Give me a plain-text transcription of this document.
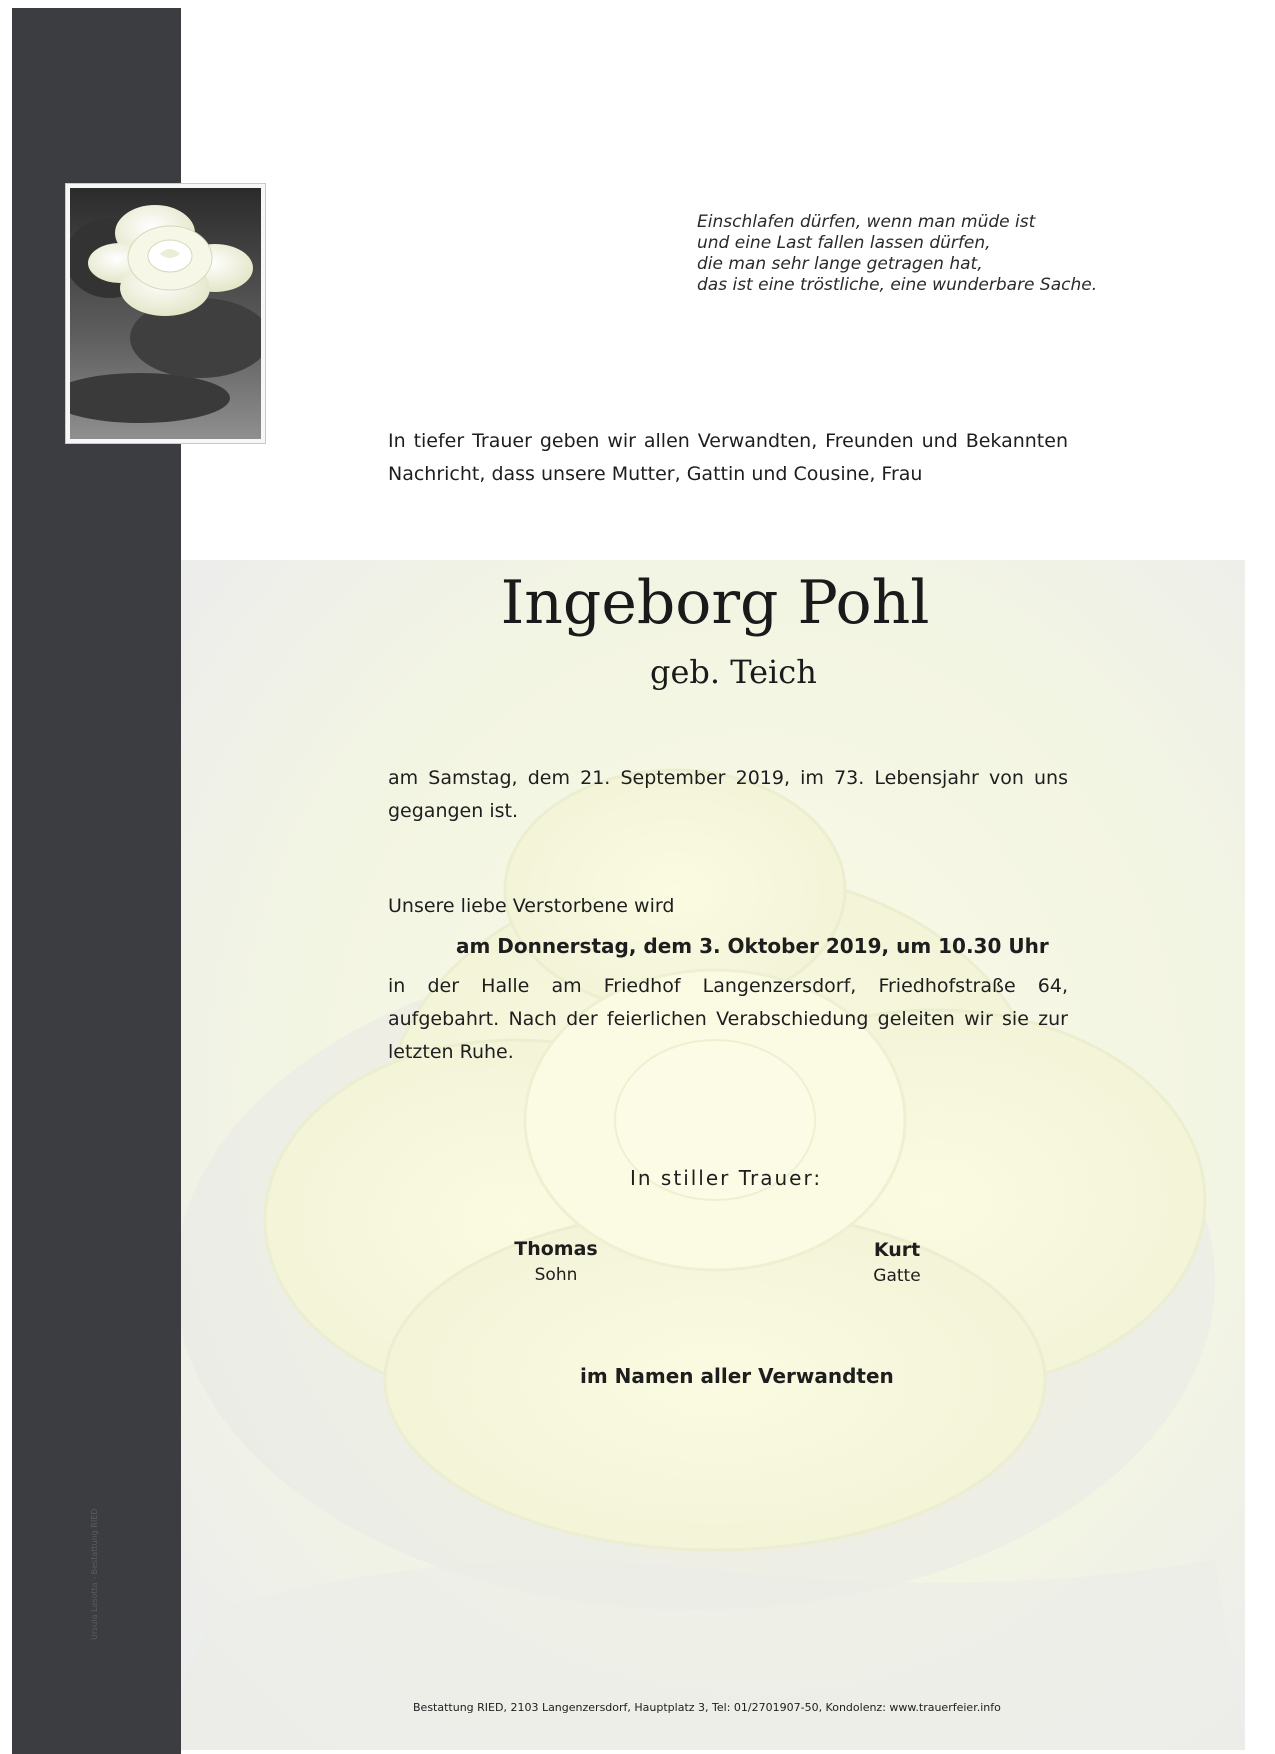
Ursula Lasotta - Bestattung RIED
Einschlafen dürfen, wenn man müde ist
und eine Last fallen lassen dürfen,
die man sehr lange getragen hat,
das ist eine tröstliche, eine wunderbare Sache.
In tiefer Trauer geben wir allen Verwandten, Freunden und Bekannten Nachricht, dass unsere Mutter, Gattin und Cousine, Frau
Ingeborg Pohl
geb. Teich
am Samstag, dem 21. September 2019, im 73. Lebensjahr von uns gegangen ist.
Unsere liebe Verstorbene wird
am Donnerstag, dem 3. Oktober 2019, um 10.30 Uhr
in der Halle am Friedhof Langenzersdorf, Friedhofstraße 64, aufgebahrt. Nach der feierlichen Verabschiedung geleiten wir sie zur letzten Ruhe.
In stiller Trauer:
Thomas
Sohn
Kurt
Gatte
im Namen aller Verwandten
Bestattung RIED, 2103 Langenzersdorf, Hauptplatz 3, Tel: 01/2701907-50, Kondolenz: www.trauerfeier.info
